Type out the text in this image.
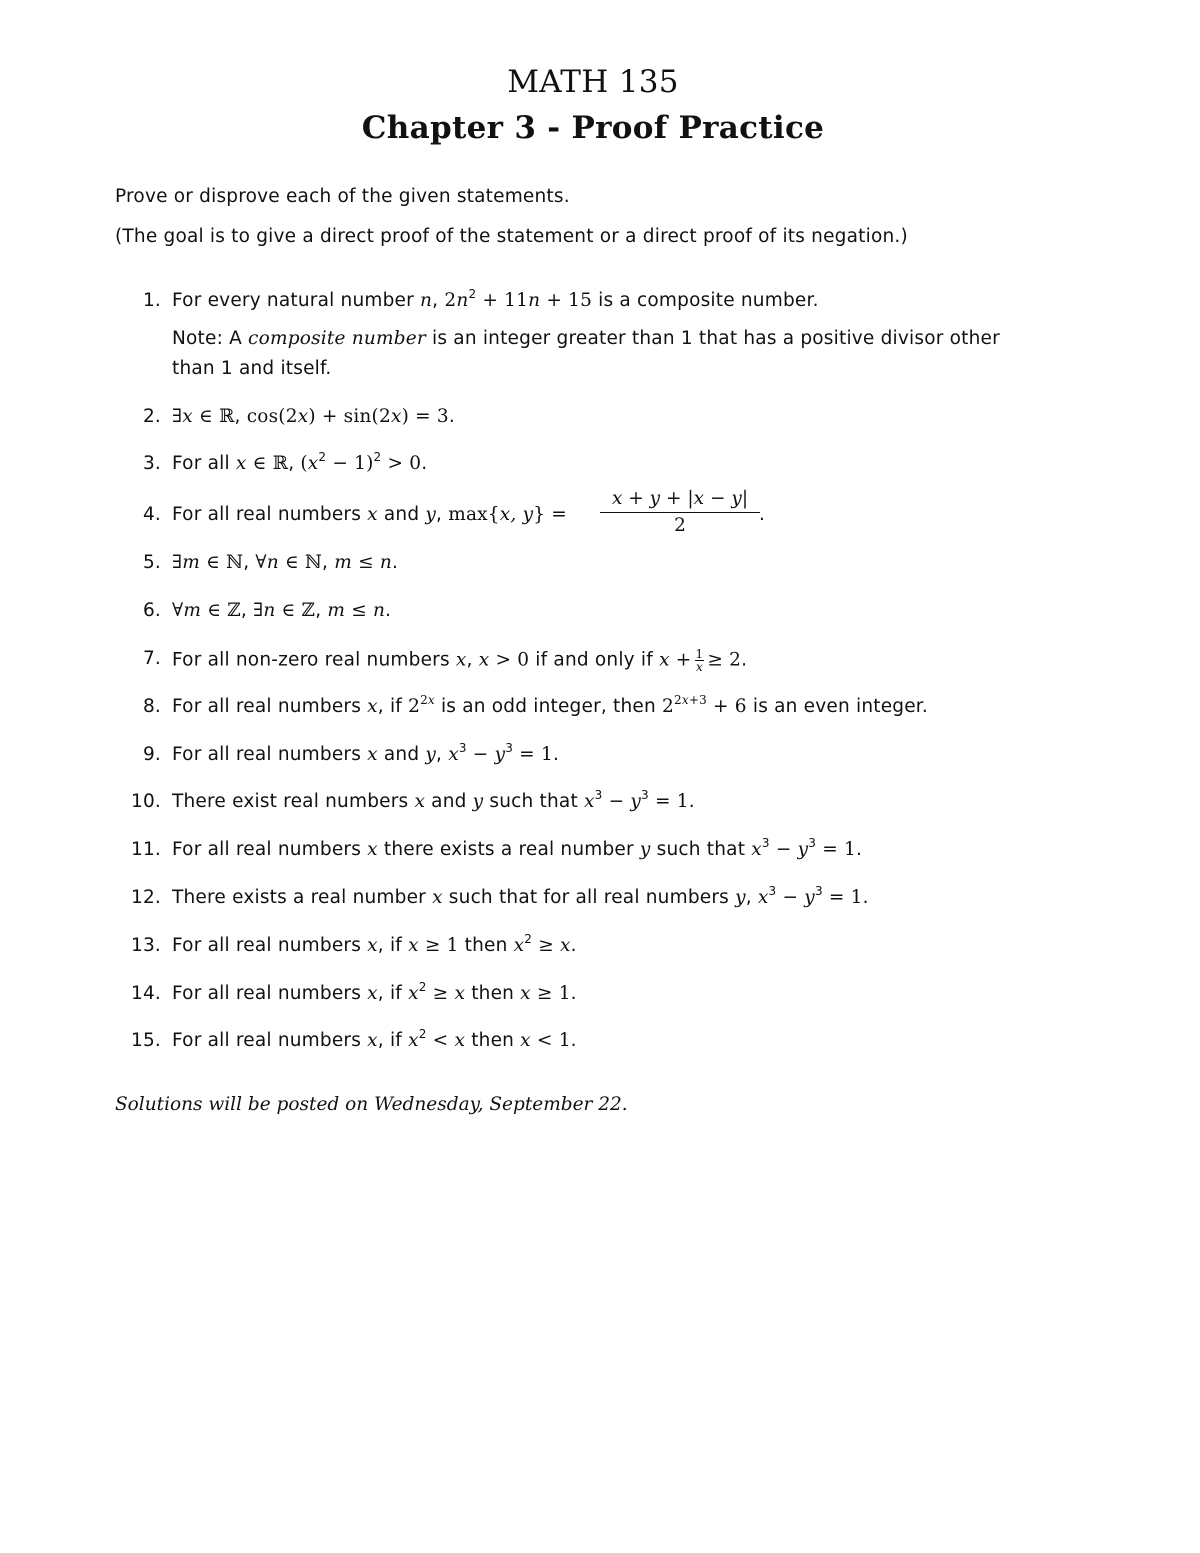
MATH 135
Chapter 3 - Proof Practice
Prove or disprove each of the given statements.
(The goal is to give a direct proof of the statement or a direct proof of its negation.)
1. For every natural number n, $2n^2 + 11n + 15$ is a composite number.
Note: A composite number is an integer greater than 1 that has a positive divisor other
than 1 and itself.
2. ∃x ∈ ℝ, cos(2x) + sin(2x) = 3.
3. For all x ∈ ℝ, $(x^2 - 1)^2 > 0$.
4. For all real numbers x and y, max{x, y} =	.
$\frac{x + y + |x - y|}{2}$
5. ∃m ∈ ℕ, ∀n ∈ ℕ, m ≤ n.
6. ∀m ∈ ℤ, ∃n ∈ ℤ, m ≤ n.
7. For all non-zero real numbers x, x > 0 if and only if $x + \frac{1}{x} \ge 2$.
8. For all real numbers x, if $2^{2x}$ is an odd integer, then $2^{2x+3} + 6$ is an even integer.
9. For all real numbers x and y, $x^3 - y^3 = 1$.
10. There exist real numbers x and y such that $x^3 - y^3 = 1$.
11. For all real numbers x there exists a real number y such that $x^3 - y^3 = 1$.
12. There exists a real number x such that for all real numbers y, $x^3 - y^3 = 1$.
13. For all real numbers x, if x ≥ 1 then $x^2 \ge x$.
14. For all real numbers x, if $x^2 \ge x$ then x ≥ 1.
15. For all real numbers x, if $x^2 < x$ then x < 1.
Solutions will be posted on Wednesday, September 22.
